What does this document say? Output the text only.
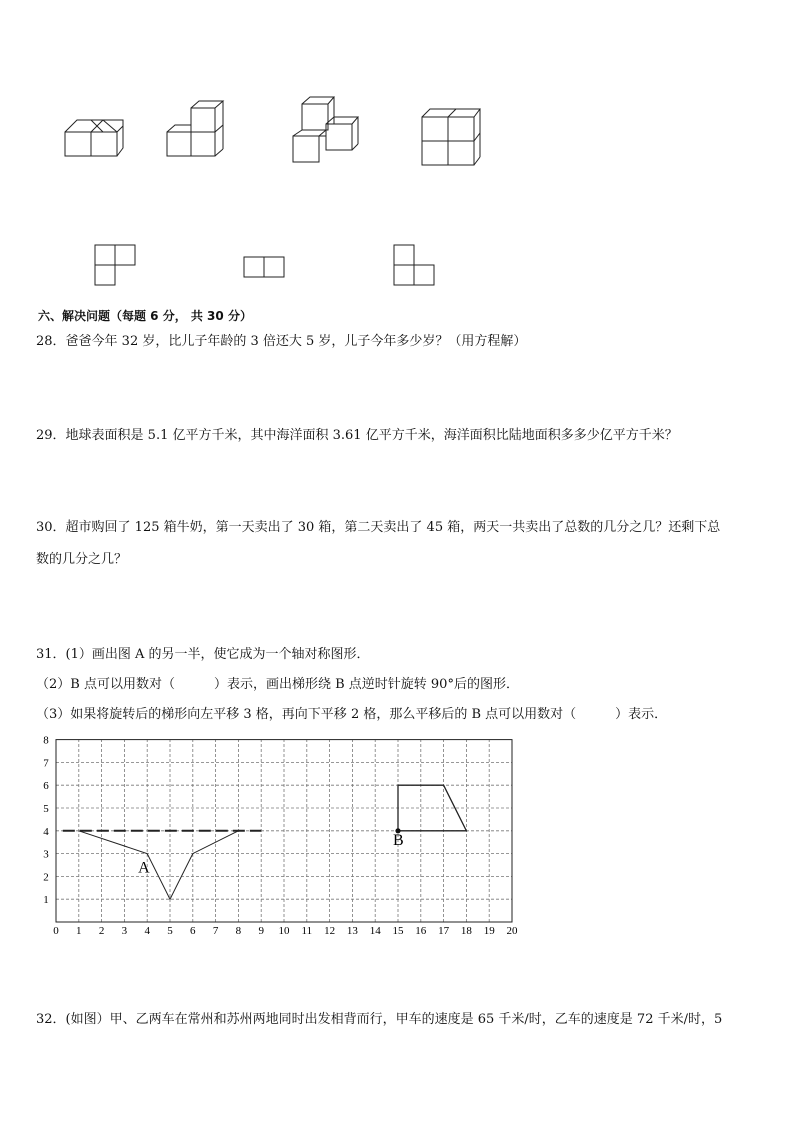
六、解决问题（每题 6 分， 共 30 分）
28．爸爸今年 32 岁，比儿子年龄的 3 倍还大 5 岁，儿子今年多少岁？（用方程解）
29．地球表面积是 5.1 亿平方千米，其中海洋面积 3.61 亿平方千米，海洋面积比陆地面积多多少亿平方千米？
30．超市购回了 125 箱牛奶，第一天卖出了 30 箱，第二天卖出了 45 箱，两天一共卖出了总数的几分之几？还剩下总
数的几分之几？
31．(1）画出图 A 的另一半，使它成为一个轴对称图形．
（2）B 点可以用数对（　　　）表示，画出梯形绕 B 点逆时针旋转 90°后的图形．
（3）如果将旋转后的梯形向左平移 3 格，再向下平移 2 格，那么平移后的 B 点可以用数对（　　　）表示．
A
B
0 1 2 3 4 5 6 7 8 9 10 11 12 13 14 15 16 17 18 19 20
1
2
3
4
5
6
7
8
32．(如图）甲、乙两车在常州和苏州两地同时出发相背而行，甲车的速度是 65 千米/时，乙车的速度是 72 千米/时，5
